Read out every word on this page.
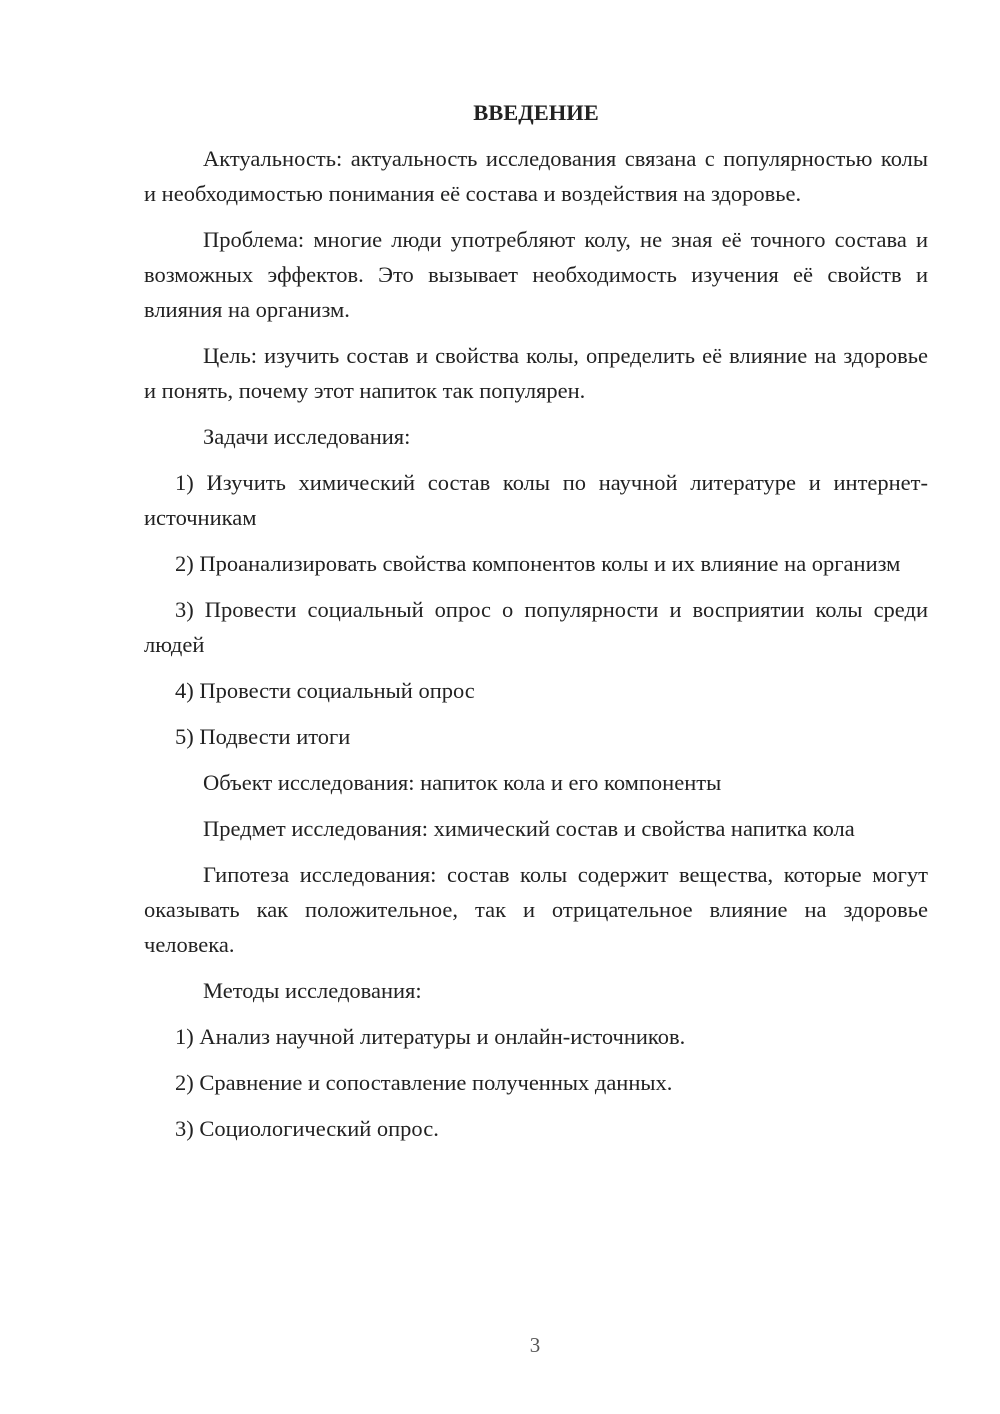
ВВЕДЕНИЕ
Актуальность: актуальность исследования связана с популярностью колы и необходимостью понимания её состава и воздействия на здоровье.
Проблема: многие люди употребляют колу, не зная её точного состава и возможных эффектов. Это вызывает необходимость изучения её свойств и влияния на организм.
Цель: изучить состав и свойства колы, определить её влияние на здоровье и понять, почему этот напиток так популярен.
Задачи исследования:
1) Изучить химический состав колы по научной литературе и интернет-источникам
2) Проанализировать свойства компонентов колы и их влияние на организм
3) Провести социальный опрос о популярности и восприятии колы среди людей
4) Провести социальный опрос
5) Подвести итоги
Объект исследования: напиток кола и его компоненты
Предмет исследования: химический состав и свойства напитка кола
Гипотеза исследования: состав колы содержит вещества, которые могут оказывать как положительное, так и отрицательное влияние на здоровье человека.
Методы исследования:
1) Анализ научной литературы и онлайн-источников.
2) Сравнение и сопоставление полученных данных.
3) Социологический опрос.
3
